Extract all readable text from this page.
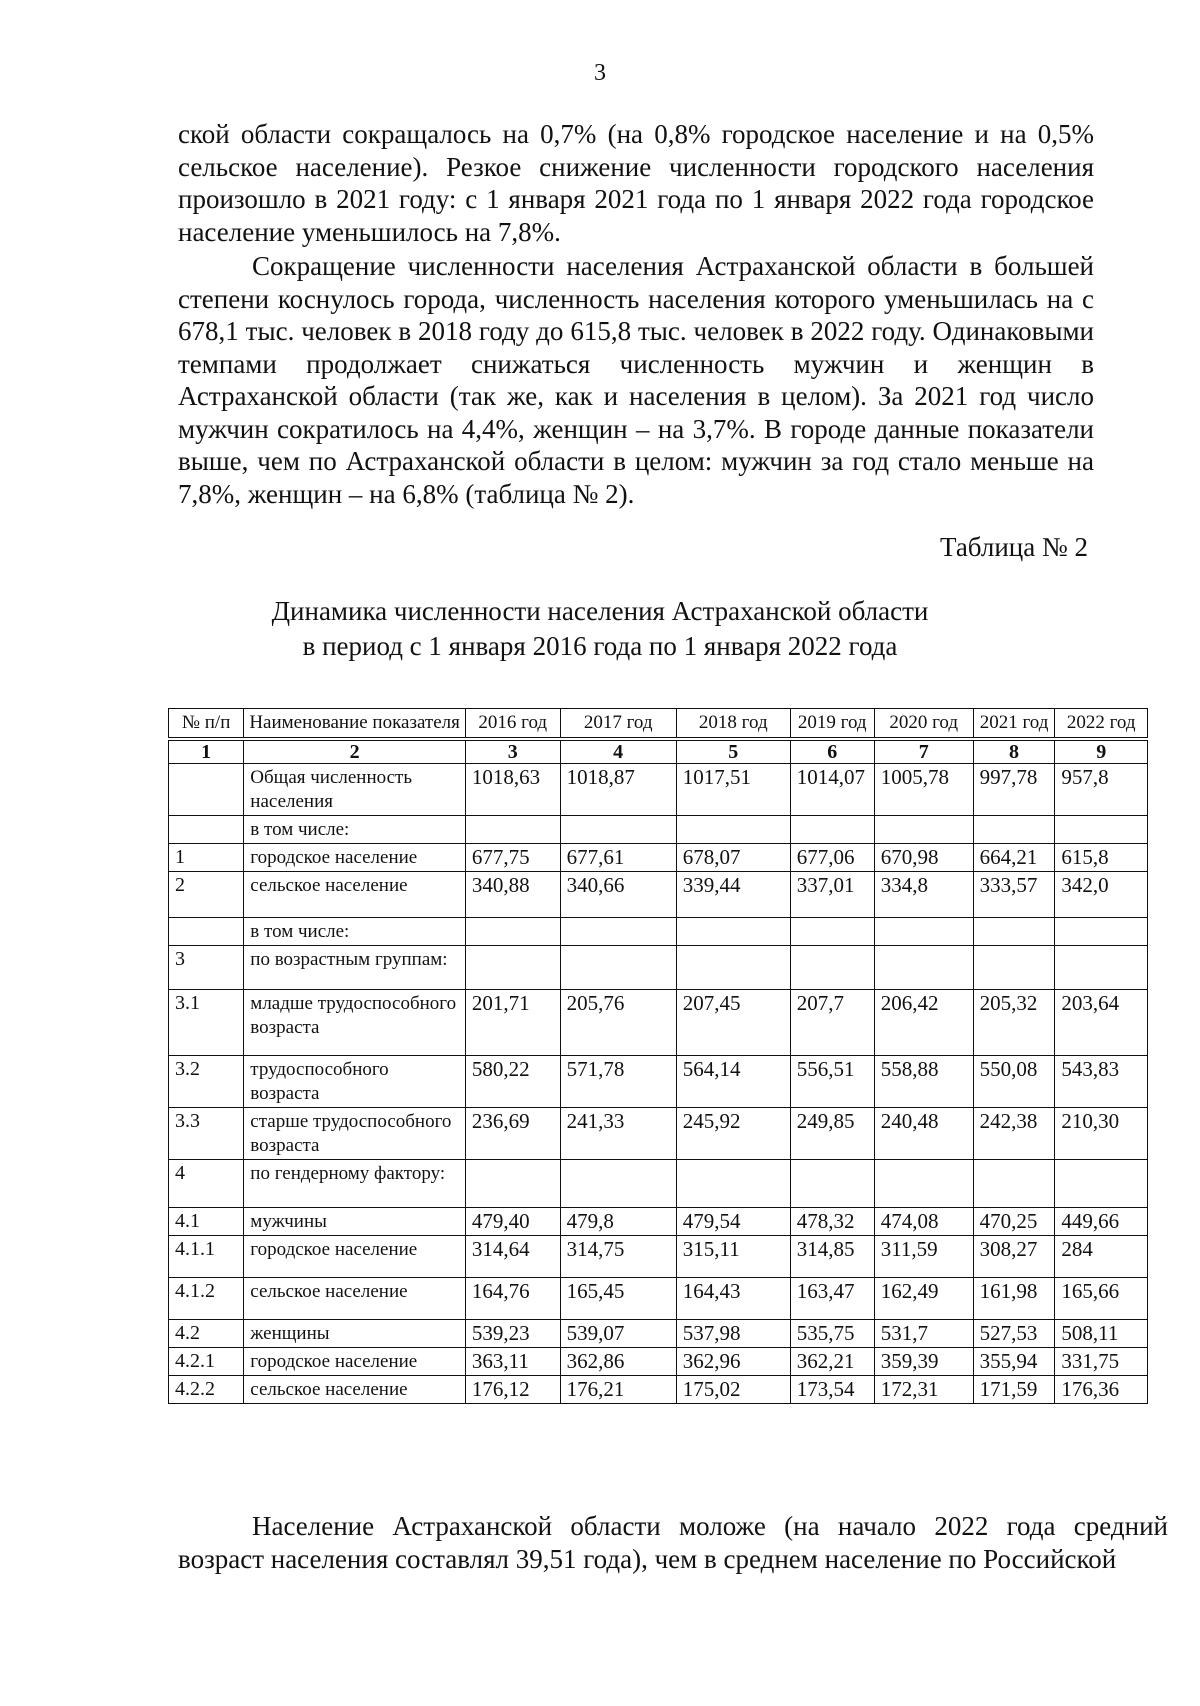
3

ской области сокращалось на 0,7% (на 0,8% городское население и на 0,5% сельское население). Резкое снижение численности городского населения произошло в 2021 году: с 1 января 2021 года по 1 января 2022 года городское население уменьшилось на 7,8%.

Сокращение численности населения Астраханской области в большей степени коснулось города, численность населения которого уменьшилась на с 678,1 тыс. человек в 2018 году до 615,8 тыс. человек в 2022 году. Одинаковыми темпами продолжает снижаться численность мужчин и женщин в Астраханской области (так же, как и населения в целом). За 2021 год число мужчин сократилось на 4,4%, женщин – на 3,7%. В городе данные показатели выше, чем по Астраханской области в целом: мужчин за год стало меньше на 7,8%, женщин – на 6,8% (таблица № 2).

Таблица № 2
Динамика численности населения Астраханской области
в период с 1 января 2016 года по 1 января 2022 года
№ п/п	Наименование показателя	2016 год	2017 год	2018 год	2019 год	2020 год	2021 год	2022 год
1	2	3	4	5	6	7	8	9
	Общая численность населения	1018,63	1018,87	1017,51	1014,07	1005,78	997,78	957,8
	в том числе:							
1	городское население	677,75	677,61	678,07	677,06	670,98	664,21	615,8
2	сельское население	340,88	340,66	339,44	337,01	334,8	333,57	342,0
	в том числе:							
3	по возрастным группам:							
3.1	младше трудоспособного возраста	201,71	205,76	207,45	207,7	206,42	205,32	203,64
3.2	трудоспособного возраста	580,22	571,78	564,14	556,51	558,88	550,08	543,83
3.3	старше трудоспособного возраста	236,69	241,33	245,92	249,85	240,48	242,38	210,30
4	по гендерному фактору:							
4.1	мужчины	479,40	479,8	479,54	478,32	474,08	470,25	449,66
4.1.1	городское население	314,64	314,75	315,11	314,85	311,59	308,27	284
4.1.2	сельское население	164,76	165,45	164,43	163,47	162,49	161,98	165,66
4.2	женщины	539,23	539,07	537,98	535,75	531,7	527,53	508,11
4.2.1	городское население	363,11	362,86	362,96	362,21	359,39	355,94	331,75
4.2.2	сельское население	176,12	176,21	175,02	173,54	172,31	171,59	176,36

Население Астраханской области моложе (на начало 2022 года средний возраст населения составлял 39,51 года), чем в среднем население по Российской
